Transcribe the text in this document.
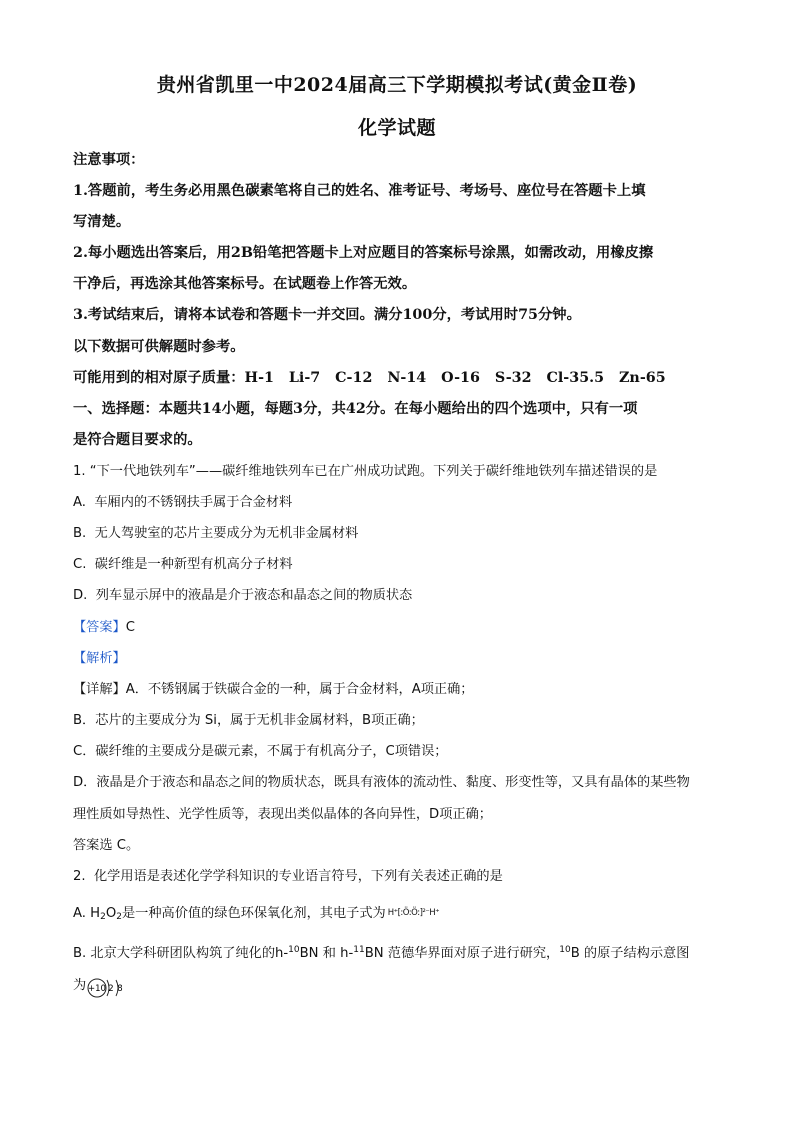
贵州省凯里一中2024届高三下学期模拟考试(黄金Ⅱ卷)
化学试题
注意事项：
1.答题前，考生务必用黑色碳素笔将自己的姓名、准考证号、考场号、座位号在答题卡上填
写清楚。
2.每小题选出答案后，用2B铅笔把答题卡上对应题目的答案标号涂黑，如需改动，用橡皮擦
干净后，再选涂其他答案标号。在试题卷上作答无效。
3.考试结束后，请将本试卷和答题卡一并交回。满分100分，考试用时75分钟。
以下数据可供解题时参考。
可能用到的相对原子质量：H-1   Li-7   C-12   N-14   O-16   S-32   Cl-35.5   Zn-65
一、选择题：本题共14小题，每题3分，共42分。在每小题给出的四个选项中，只有一项
是符合题目要求的。
1. “下一代地铁列车”——碳纤维地铁列车已在广州成功试跑。下列关于碳纤维地铁列车描述错误的是
A.  车厢内的不锈钢扶手属于合金材料
B.  无人驾驶室的芯片主要成分为无机非金属材料
C.  碳纤维是一种新型有机高分子材料
D.  列车显示屏中的液晶是介于液态和晶态之间的物质状态
【答案】C
【解析】
【详解】A．不锈钢属于铁碳合金的一种，属于合金材料，A项正确；
B．芯片的主要成分为 Si，属于无机非金属材料，B项正确；
C．碳纤维的主要成分是碳元素，不属于有机高分子，C项错误；
D．液晶是介于液态和晶态之间的物质状态，既具有液体的流动性、黏度、形变性等，又具有晶体的某些物
理性质如导热性、光学性质等，表现出类似晶体的各向异性，D项正确；
答案选 C。
2.  化学用语是表述化学学科知识的专业语言符号，下列有关表述正确的是
A. $H_2O_2$是一种高价值的绿色环保氧化剂，其电子式为 H⁺[:Ö:Ö:]²⁻H⁺
B. 北京大学科研团队构筑了纯化的h-$^{10}$BN 和 h-$^{11}$BN 范德华界面对原子进行研究，$^{10}$B 的原子结构示意图
为 +10 2 8
